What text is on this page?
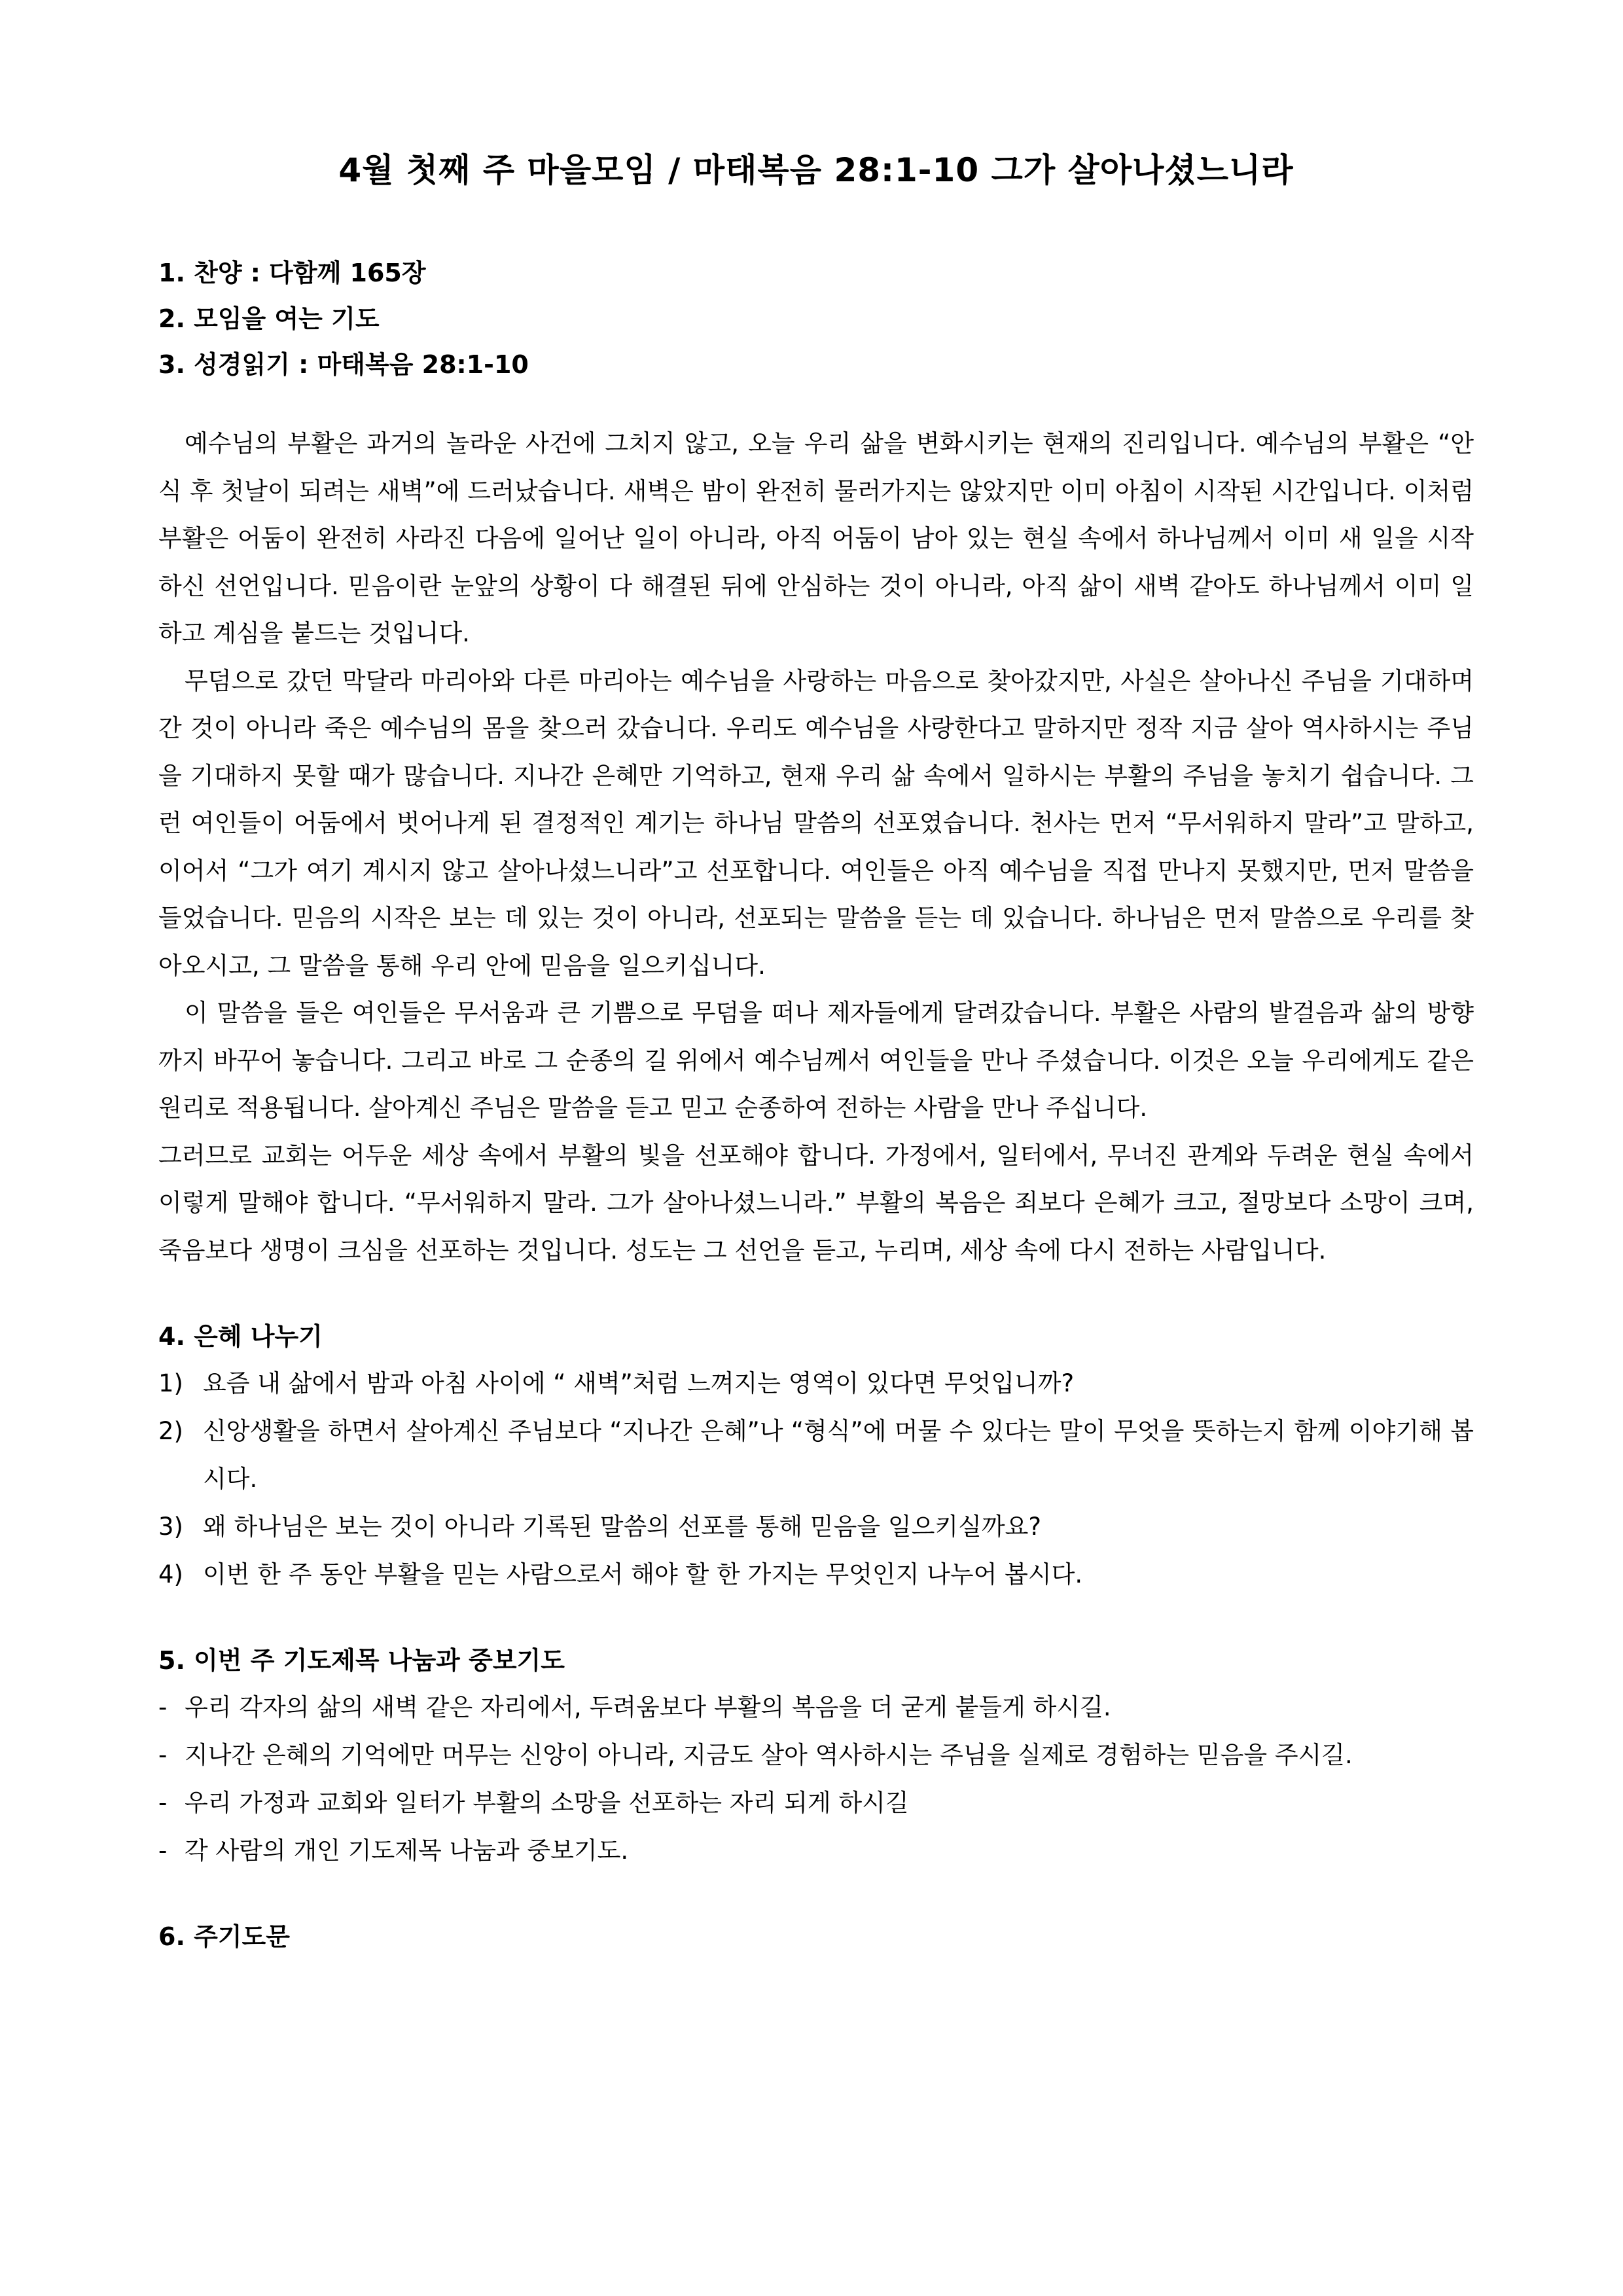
4월 첫째 주 마을모임 / 마태복음 28:1-10 그가 살아나셨느니라
1. 찬양 : 다함께 165장
2. 모임을 여는 기도
3. 성경읽기 : 마태복음 28:1-10
예수님의 부활은 과거의 놀라운 사건에 그치지 않고, 오늘 우리 삶을 변화시키는 현재의 진리입니다. 예수님의 부활은 “안식 후 첫날이 되려는 새벽”에 드러났습니다. 새벽은 밤이 완전히 물러가지는 않았지만 이미 아침이 시작된 시간입니다. 이처럼 부활은 어둠이 완전히 사라진 다음에 일어난 일이 아니라, 아직 어둠이 남아 있는 현실 속에서 하나님께서 이미 새 일을 시작하신 선언입니다. 믿음이란 눈앞의 상황이 다 해결된 뒤에 안심하는 것이 아니라, 아직 삶이 새벽 같아도 하나님께서 이미 일하고 계심을 붙드는 것입니다.
무덤으로 갔던 막달라 마리아와 다른 마리아는 예수님을 사랑하는 마음으로 찾아갔지만, 사실은 살아나신 주님을 기대하며 간 것이 아니라 죽은 예수님의 몸을 찾으러 갔습니다. 우리도 예수님을 사랑한다고 말하지만 정작 지금 살아 역사하시는 주님을 기대하지 못할 때가 많습니다. 지나간 은혜만 기억하고, 현재 우리 삶 속에서 일하시는 부활의 주님을 놓치기 쉽습니다. 그런 여인들이 어둠에서 벗어나게 된 결정적인 계기는 하나님 말씀의 선포였습니다. 천사는 먼저 “무서워하지 말라”고 말하고, 이어서 “그가 여기 계시지 않고 살아나셨느니라”고 선포합니다. 여인들은 아직 예수님을 직접 만나지 못했지만, 먼저 말씀을 들었습니다. 믿음의 시작은 보는 데 있는 것이 아니라, 선포되는 말씀을 듣는 데 있습니다. 하나님은 먼저 말씀으로 우리를 찾아오시고, 그 말씀을 통해 우리 안에 믿음을 일으키십니다.
이 말씀을 들은 여인들은 무서움과 큰 기쁨으로 무덤을 떠나 제자들에게 달려갔습니다. 부활은 사람의 발걸음과 삶의 방향까지 바꾸어 놓습니다. 그리고 바로 그 순종의 길 위에서 예수님께서 여인들을 만나 주셨습니다. 이것은 오늘 우리에게도 같은 원리로 적용됩니다. 살아계신 주님은 말씀을 듣고 믿고 순종하여 전하는 사람을 만나 주십니다.
그러므로 교회는 어두운 세상 속에서 부활의 빛을 선포해야 합니다. 가정에서, 일터에서, 무너진 관계와 두려운 현실 속에서 이렇게 말해야 합니다. “무서워하지 말라. 그가 살아나셨느니라.” 부활의 복음은 죄보다 은혜가 크고, 절망보다 소망이 크며, 죽음보다 생명이 크심을 선포하는 것입니다. 성도는 그 선언을 듣고, 누리며, 세상 속에 다시 전하는 사람입니다.
4. 은혜 나누기
1) 요즘 내 삶에서 밤과 아침 사이에 “ 새벽”처럼 느껴지는 영역이 있다면 무엇입니까?
2) 신앙생활을 하면서 살아계신 주님보다 “지나간 은혜”나 “형식”에 머물 수 있다는 말이 무엇을 뜻하는지 함께 이야기해 봅시다.
3) 왜 하나님은 보는 것이 아니라 기록된 말씀의 선포를 통해 믿음을 일으키실까요?
4) 이번 한 주 동안 부활을 믿는 사람으로서 해야 할 한 가지는 무엇인지 나누어 봅시다.
5. 이번 주 기도제목 나눔과 중보기도
- 우리 각자의 삶의 새벽 같은 자리에서, 두려움보다 부활의 복음을 더 굳게 붙들게 하시길.
- 지나간 은혜의 기억에만 머무는 신앙이 아니라, 지금도 살아 역사하시는 주님을 실제로 경험하는 믿음을 주시길.
- 우리 가정과 교회와 일터가 부활의 소망을 선포하는 자리 되게 하시길
- 각 사람의 개인 기도제목 나눔과 중보기도.
6. 주기도문
